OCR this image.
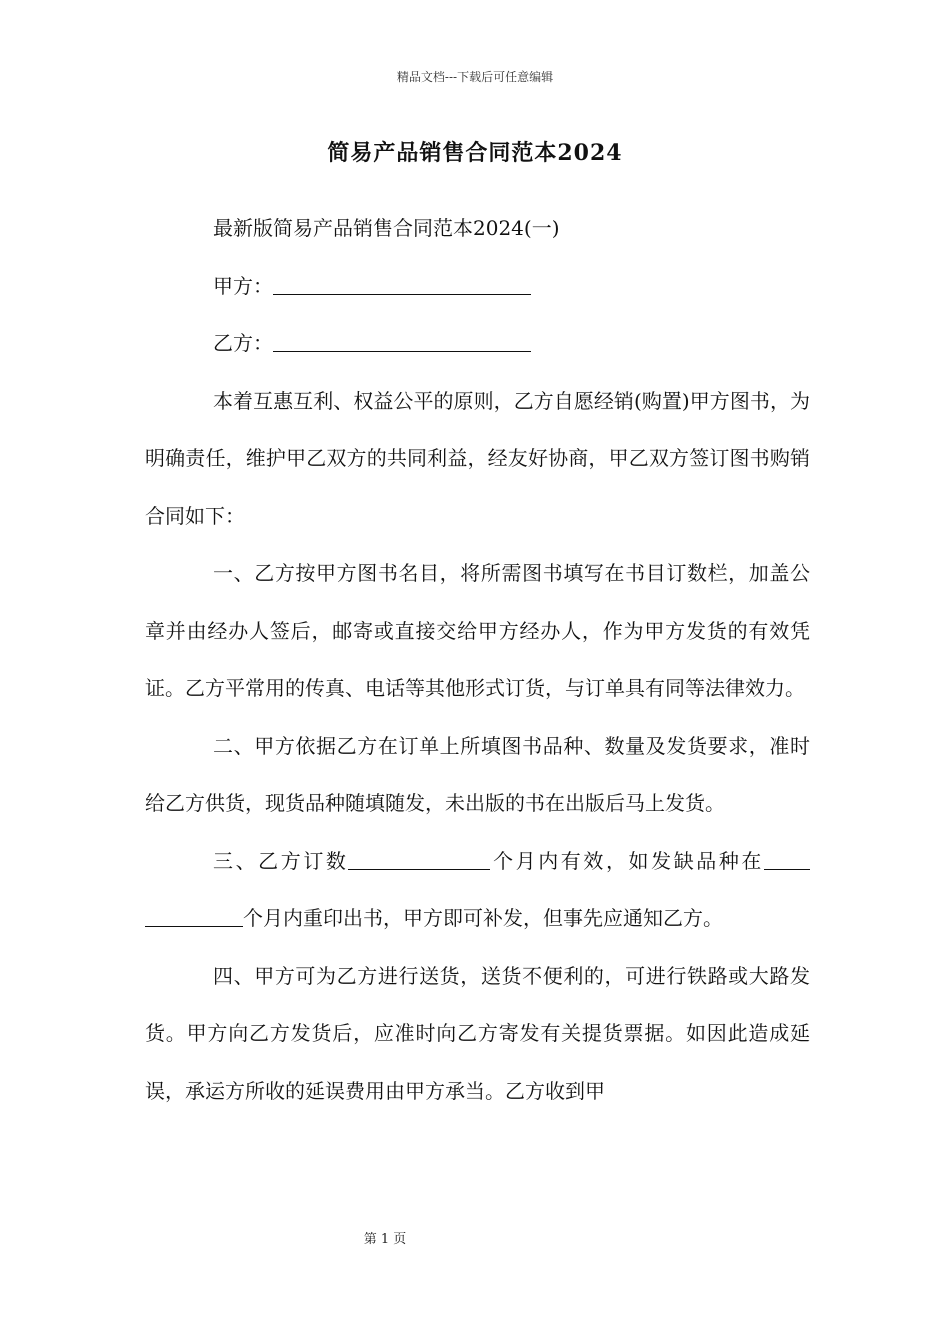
精品文档---下载后可任意编辑
简易产品销售合同范本2024

最新版简易产品销售合同范本2024(一)

甲方：

乙方：

本着互惠互利、权益公平的原则，乙方自愿经销(购置)甲方图书，为明确责任，维护甲乙双方的共同利益，经友好协商，甲乙双方签订图书购销合同如下：

一、乙方按甲方图书名目，将所需图书填写在书目订数栏，加盖公章并由经办人签后，邮寄或直接交给甲方经办人，作为甲方发货的有效凭证。乙方平常用的传真、电话等其他形式订货，与订单具有同等法律效力。

二、甲方依据乙方在订单上所填图书品种、数量及发货要求，准时给乙方供货，现货品种随填随发，未出版的书在出版后马上发货。

三、乙方订数	个月内有效，如发缺品种在个月内重印出书，甲方即可补发，但事先应通知乙方。

四、甲方可为乙方进行送货，送货不便利的，可进行铁路或大路发货。甲方向乙方发货后，应准时向乙方寄发有关提货票据。如因此造成延误，承运方所收的延误费用由甲方承当。乙方收到甲

第 1 页
